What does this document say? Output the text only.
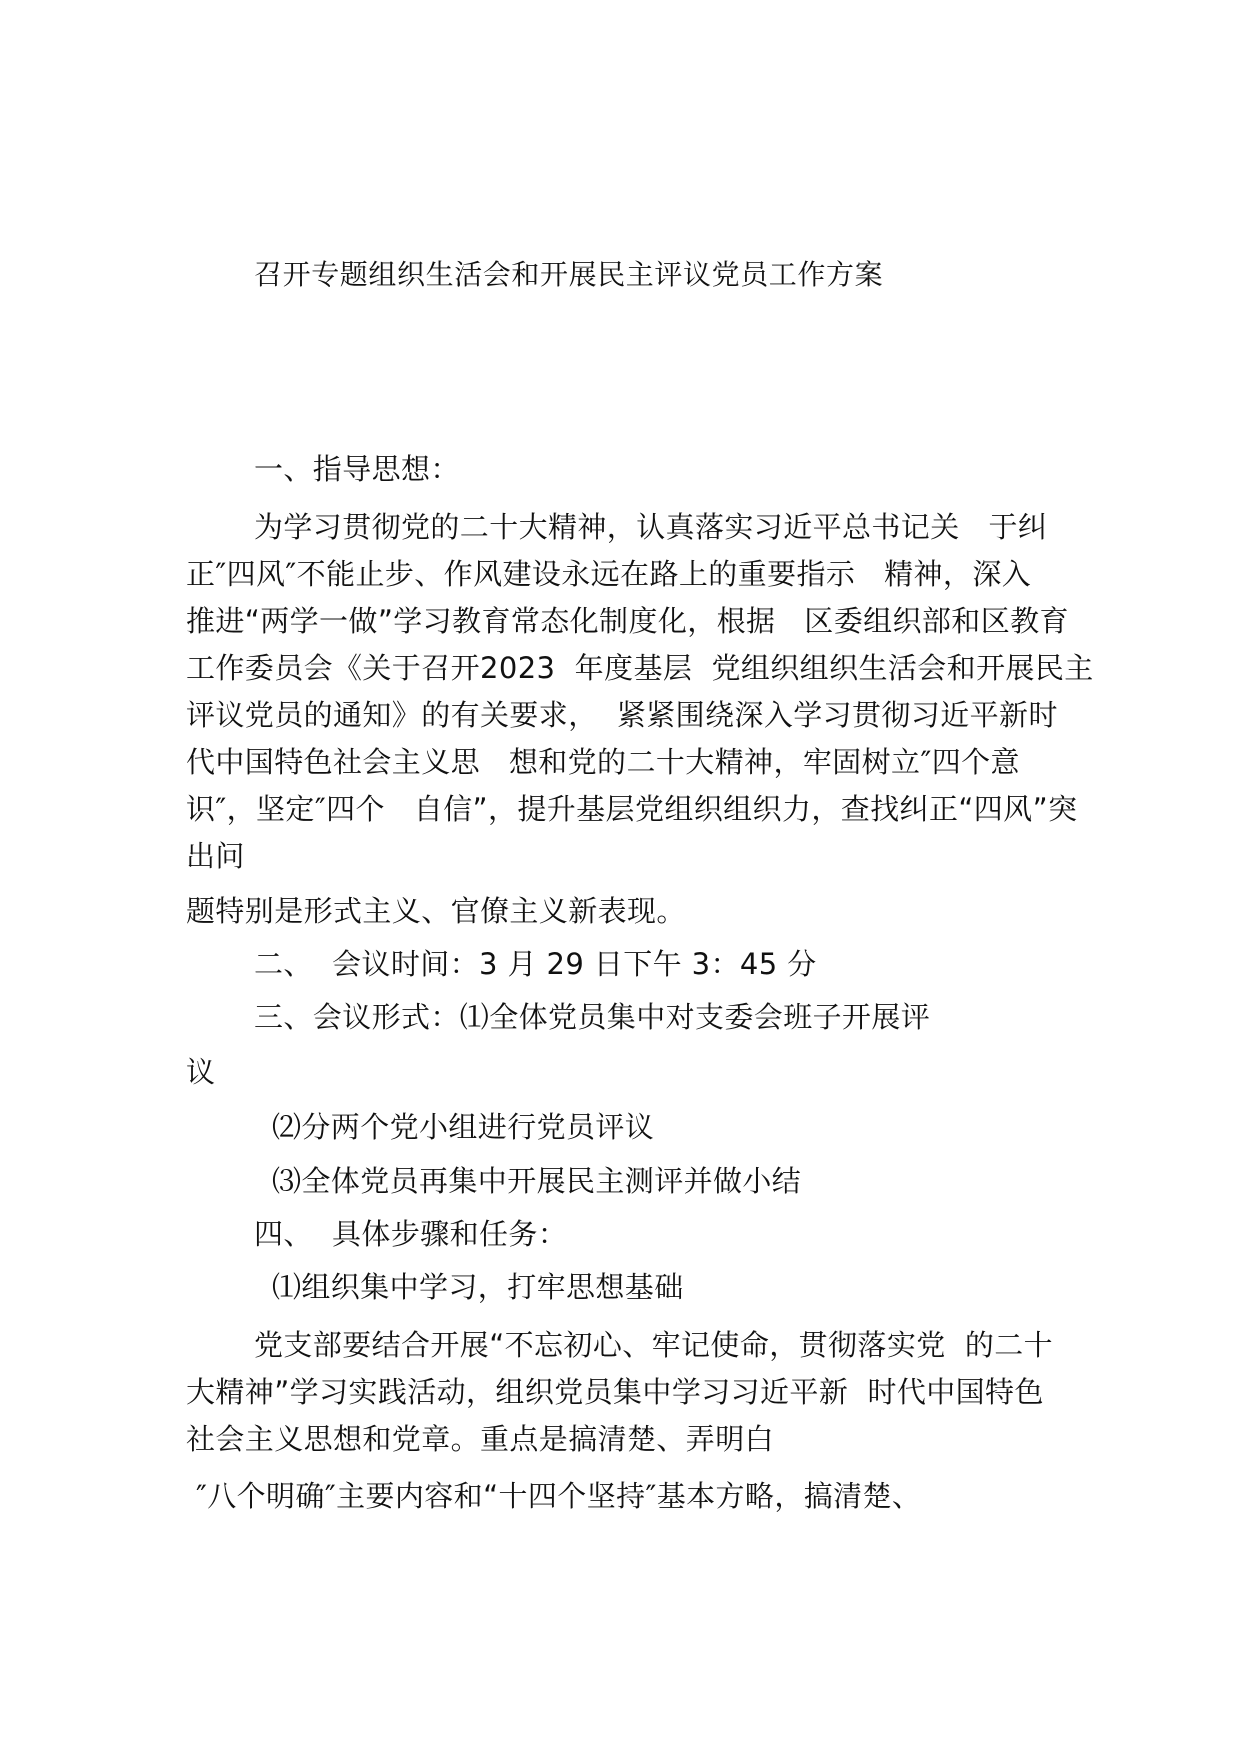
召开专题组织生活会和开展民主评议党员工作方案
一、指导思想：
为学习贯彻党的二十大精神，认真落实习近平总书记关   于纠
正″四风″不能止步、作风建设永远在路上的重要指示   精神，深入
推进“两学一做”学习教育常态化制度化，根据   区委组织部和区教育
工作委员会《关于召开2023  年度基层  党组织组织生活会和开展民主
评议党员的通知》的有关要求，  紧紧围绕深入学习贯彻习近平新时
代中国特色社会主义思   想和党的二十大精神，牢固树立″四个意
识″，坚定″四个   自信”，提升基层党组织组织力，查找纠正“四风”突
出问
题特别是形式主义、官僚主义新表现。
二、  会议时间：3 月 29 日下午 3：45 分
三、会议形式：⑴全体党员集中对支委会班子开展评
议
⑵分两个党小组进行党员评议
⑶全体党员再集中开展民主测评并做小结
四、  具体步骤和任务：
⑴组织集中学习，打牢思想基础
党支部要结合开展“不忘初心、牢记使命，贯彻落实党  的二十
大精神”学习实践活动，组织党员集中学习习近平新  时代中国特色
社会主义思想和党章。重点是搞清楚、弄明白
″八个明确″主要内容和“十四个坚持″基本方略，搞清楚、
